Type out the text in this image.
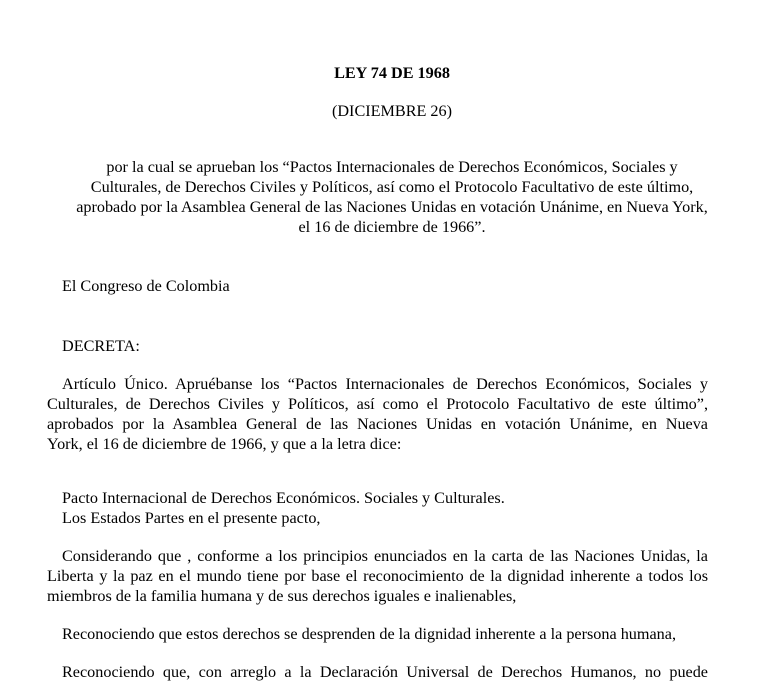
LEY 74 DE 1968
(DICIEMBRE 26)
por la cual se aprueban los “Pactos Internacionales de Derechos Económicos, Sociales y
Culturales, de Derechos Civiles y Políticos, así como el Protocolo Facultativo de este último,
aprobado por la Asamblea General de las Naciones Unidas en votación Unánime, en Nueva York,
el 16 de diciembre de 1966”.
El Congreso de Colombia
DECRETA:
Artículo Único. Apruébanse los “Pactos Internacionales de Derechos Económicos, Sociales y
Culturales, de Derechos Civiles y Políticos, así como el Protocolo Facultativo de este último”,
aprobados por la Asamblea General de las Naciones Unidas en votación Unánime, en Nueva
York, el 16 de diciembre de 1966, y que a la letra dice:
Pacto Internacional de Derechos Económicos. Sociales y Culturales.
Los Estados Partes en el presente pacto,
Considerando que , conforme a los principios enunciados en la carta de las Naciones Unidas, la
Liberta y la paz en el mundo tiene por base el reconocimiento de la dignidad inherente a todos los
miembros de la familia humana y de sus derechos iguales e inalienables,
Reconociendo que estos derechos se desprenden de la dignidad inherente a la persona humana,
Reconociendo que, con arreglo a la Declaración Universal de Derechos Humanos, no puede
